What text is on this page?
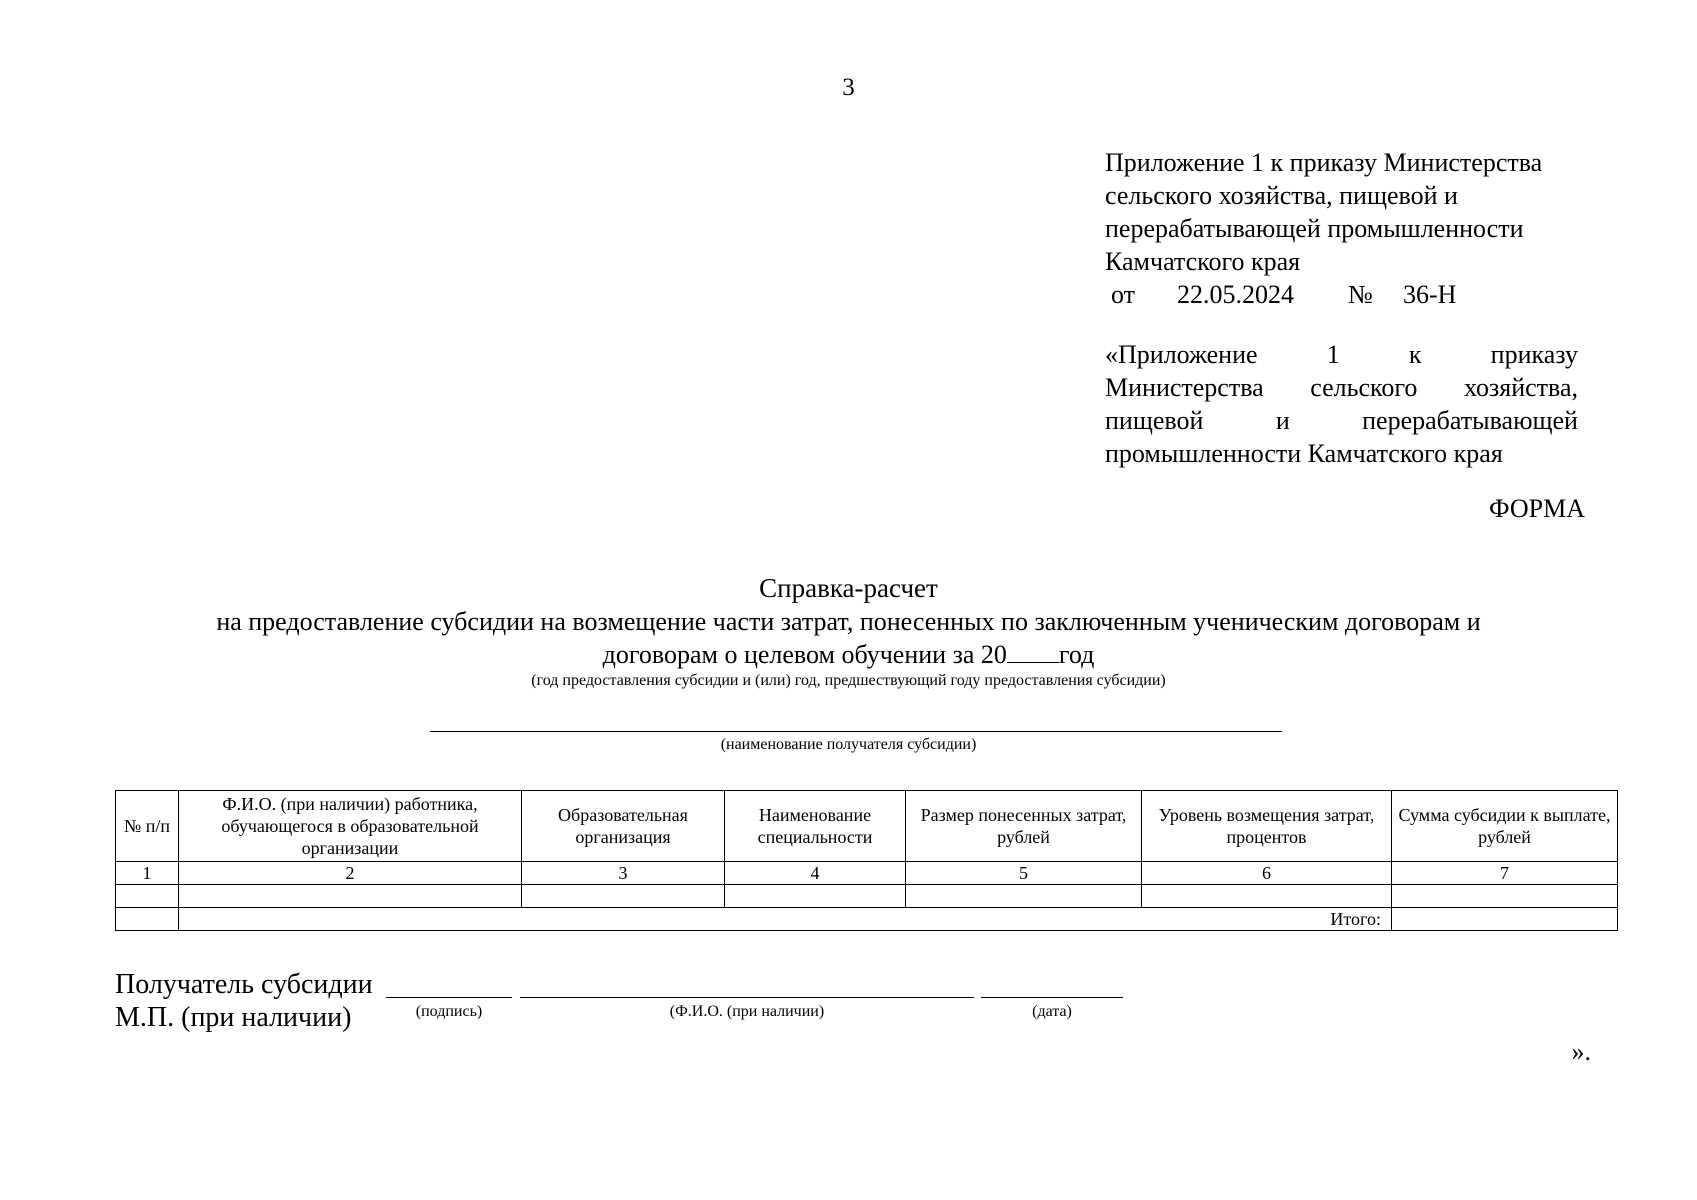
3
Приложение 1 к приказу Министерства
сельского хозяйства, пищевой и
перерабатывающей промышленности
Камчатского края
от 22.05.2024 № 36-Н
«Приложение	1	к	приказу
Министерства сельского хозяйства,
пищевой	и	перерабатывающей
промышленности Камчатского края
ФОРМА
Справка-расчет
на предоставление субсидии на возмещение части затрат, понесенных по заключенным ученическим договорам и
договорам о целевом обучении за 20 год
(год предоставления субсидии и (или) год, предшествующий году предоставления субсидии)
(наименование получателя субсидии)
№ п/п	Ф.И.О. (при наличии) работника, обучающегося в образовательной организации	Образовательная организация	Наименование специальности	Размер понесенных затрат, рублей	Уровень возмещения затрат, процентов	Сумма субсидии к выплате, рублей
1	2	3	4	5	6	7

	Итого:					
Получатель субсидии
М.П. (при наличии)	(подпись)	(Ф.И.О. (при наличии)	(дата)
».
